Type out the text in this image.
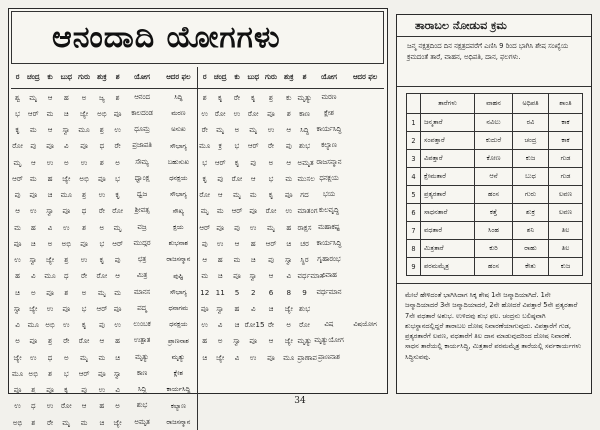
ಆನಂದಾದಿ ಯೋಗಗಳು
ರ	ಚಂದ್ರ	ಕು	ಬುಧ	ಗುರು	ಶುಕ್ರ	ಶ	ಯೋಗ	ಆದರ ಫಲ	ರ	ಚಂದ್ರ	ಕು	ಬುಧ	ಗುರು	ಶುಕ್ರ	ಶ	ಯೋಗ	ಆದರ ಫಲ
ಶ್ವ	ಮೃ	ಆ	ಹ	ಅ	ಜ್ಯ	ಶ	ಆನಂದ	ಸಿದ್ಧಿ	ಶ	ಕೃ	ರೇ	ಕೃ	ಶ್ರ	ಕು	ಮೃತ್ಯು	ಮರಣ	
ಭ	ಆರ್	ಮ	ಚಿ	ಜ್ಯೇ	ಅಭಿ	ಪೂ	ಕಾಲದಂಡ	ಮರಣ	ಉ	ರೋ	ಉ	ರೋ	ಪೂ	ಶ	ಕಾಣ	ಕ್ಲೇಶ	
ಕೃ	ಮ	ಆ	ಸ್ವಾ	ಮೂ	ಶ್ರ	ಉ	ಧೂಮ್ರ	ಅಸುಖ	ರೇ	ಮೃ	ಅ	ಮೃ	ಉ	ಆ	ಸಿದ್ಧಿ	ಕಾರ್ಯಸಿದ್ಧಿ	
ರೋ	ಪು	ಪೂ	ವಿ	ಪೂ	ಧ	ರೇ	ಪ್ರಜಾಪತಿ	ಸೌಭಾಗ್ಯ	ಮೂ	ಕ್ರ	ಭ	ಆರ್	ರೇ	ಪು	ಶುಭ	ಕಲ್ಯಾಣ	
ಮೃ	ಆ	ಉ	ಅ	ಉ	ಶ	ಅ	ಸೌಮ್ಯ	ಬಹುಸುಖ	ಭ	ಆರ್	ಕೃ	ಪು	ಅ	ಆ	ಅಮೃತ	ರಾಜಸನ್ಮಾನ	
ಆರ್	ಮ	ಹ	ಜ್ಯೇ	ಅಭಿ	ಪೂ	ಭ	ಧ್ವಾಂಕ್ಷ	ಧನಕ್ಷಯ	ಕೃ	ಪು	ರೋ	ಆ	ಭ	ಮ	ಮುಸಲ	ಧನಕ್ಷಯ	
ಪು	ಪೂ	ಚಿ	ಮೂ	ಶ್ರ	ಉ	ಕೃ	ಧ್ವಜ	ಸೌಭಾಗ್ಯ	ರೋ	ಆ	ಮೃ	ಮ	ಕೃ	ಪೂ	ಗದ	ಭಯ	
ಆ	ಉ	ಸ್ವಾ	ಪೂ	ಧ	ರೇ	ರೋ	ಶ್ರೀವತ್ಸ	ಸೌಖ್ಯ	ಮೃ	ಮ	ಆರ್	ಪೂ	ರೋ	ಉ	ಮಾತಂಗ	ಕುಲವೃದ್ಧಿ	
ಮ	ಹ	ವಿ	ಉ	ಶ	ಅ	ಮೃ	ವಜ್ರ	ಕ್ಷಯ	ಆರ್	ಪೂ	ಪು	ಉ	ಮೃ	ಹ	ರಾಕ್ಷಸ	ಮಹಾಕಷ್ಟ	
ಪೂ	ಚಿ	ಅ	ಅಭಿ	ಪೂ	ಭ	ಆರ್	ಮುದ್ಗರ	ಶುಭನಾಶ	ಪು	ಉ	ಆ	ಹ	ಆರ್	ಚಿ	ಚರ	ಕಾರ್ಯಸಿದ್ಧಿ	
ಉ	ಸ್ವಾ	ಜ್ಯೇ	ಶ್ರ	ಉ	ಕೃ	ಪು	ಛತ್ರ	ರಾಜಸನ್ಮಾನ	ಆ	ಹ	ಮ	ಚಿ	ಪು	ಸ್ವಾ	ಸ್ಥಿರ	ಗೃಹಾರಂಭ	
ಹ	ವಿ	ಮೂ	ಧ	ರೇ	ರೋ	ಆ	ಮಿತ್ರ	ಪುಷ್ಟಿ	ಮ	ಚಿ	ಪೂ	ಸ್ವಾ	ಆ	ವಿ	ವರ್ಧಮಾನ	ವಿವಾಹ	
ಚಿ	ಅ	ಪೂ	ಶ	ಅ	ಮೃ	ಮ	ಮಾನಸ	ಸೌಭಾಗ್ಯ	12	11	5	2	6	8	9	ವರ್ಧಮಾನ	
ಸ್ವಾ	ಜ್ಯೇ	ಉ	ಪೂ	ಭ	ಆರ್	ಪೂ	ಪದ್ಮ	ಧನಾಗಮ	ಪೂ	ಸ್ವಾ	ಹ	ವಿ	ಚಿ	ಜ್ಯೇ	ಶುಭ		
ವಿ	ಮೂ	ಅಭಿ	ಉ	ಕೃ	ಪು	ಉ	ಲುಂಬಕ	ಧನಕ್ಷಯ	ಉ	ವಿ	ಚಿ	ರೋ15	ರೇ	ಅ	ರೋ	ವಿಷ	ವಿಷಯೋಗ
ಅ	ಪೂ	ಶ್ರ	ರೇ	ರೋ	ಆ	ಹ	ಉತ್ಪಾತ	ಪ್ರಾಣನಾಶ	ಹ	ಅ	ಸ್ವಾ	ಪೂ	ಆ	ಜ್ಯೇ	ಮೃತ್ಯು	ಮೃತ್ಯುಯೋಗ	
ಜ್ಯೇ	ಉ	ಧ	ಅ	ಮೃ	ಮ	ಚಿ	ಮೃತ್ಯು	ಮೃತ್ಯು	ಚಿ	ಜ್ಯೇ	ವಿ	ಉ	ಪೂ	ಮೂ	ಪ್ರಾಣಾಪ	ಪ್ರಾಣನಾಶ	
ಮೂ	ಅಭಿ	ಶ	ಭ	ಆರ್	ಪೂ	ಸ್ವಾ	ಕಾಣ	ಕ್ಲೇಶ									
ಪೂ	ಶ್ರ	ಪೂ	ಕೃ	ಪು	ಉ	ವಿ	ಸಿದ್ಧಿ	ಕಾರ್ಯಸಿದ್ಧಿ									
ಉ	ಧ	ಉ	ರೋ	ಆ	ಹ	ಅ	ಶುಭ	ಕಲ್ಯಾಣ									
ಅಭಿ	ಶ	ರೇ	ಮೃ	ಮ	ಚಿ	ಜ್ಯೇ	ಅಮೃತ	ರಾಜಸನ್ಮಾನ									
ತಾರಾಬಲ ನೋಡುವ ಕ್ರಮ
ಜನ್ಮ ನಕ್ಷತ್ರದಿಂದ ದಿನ ನಕ್ಷತ್ರದವರೆಗೆ ಎಣಿಸಿ 9 ರಿಂದ ಭಾಗಿಸಿ ಶೇಷ ಸಂಖ್ಯೆಯ ಕ್ರಮದಂತೆ ತಾರೆ, ವಾಹನ, ಅಧಿಪತಿ, ದಾನ, ಫಲಗಳು.
	ತಾರೆಗಳು	ವಾಹನ	ಅಧಿಪತಿ	ಶಾಂತಿ
1	ಜನ್ಮತಾರೆ	ನವಿಲು	ರವಿ	ಕಾಕ
2	ಸಂಪತ್ತಾರೆ	ಕುದುರೆ	ಚಂದ್ರ	ಕಾಕ
3	ವಿಪತ್ತಾರೆ	ಕೋಣ	ಕುಜ	ಗುಡ
4	ಕ್ಷೇಮತಾರೆ	ಆನೆ	ಬುಧ	ಗುಡ
5	ಪ್ರತ್ಯರತಾರೆ	ಹಂಸ	ಗುರು	ಲವಣ
6	ಸಾಧನತಾರೆ	ಕತ್ತೆ	ಶುಕ್ರ	ಲವಣ
7	ವಧತಾರೆ	ಸಿಂಹ	ಶನಿ	ತಿಲ
8	ಮಿತ್ರತಾರೆ	ಕುರಿ	ರಾಹು	ತಿಲ
9	ಪರಮಮೈತ್ರ	ಹಂಸ	ಕೇತು	ಕುಜ
ಮೇಲೆ ಹೇಳಿದಂತೆ ಭಾಗಿಸಿದಾಗ ಸಿಕ್ಕ ಶೇಷ 1ನೇ ಜನ್ಮಾದಿಯಾಗಿದೆ. 1ನೇ ಜನ್ಮಾದಿಯಾದರೆ 3ನೇ ಜನ್ಮಾದಿಯಾದರೆ, 2ನೇ ಹೋದರೆ ವಿಪತ್ತಾರೆ 5ನೇ ಪ್ರತ್ಯರತಾರೆ 7ನೇ ವಧತಾರೆ ಅಶುಭ. ಉಳಿದವು ಶುಭ ಫಲ. ಚಂದ್ರನು ಬಲಿಷ್ಠವಾಗಿ ಶುಭಸ್ಥಾನದಲ್ಲಿದ್ದರೆ ತಾರಾಬಲ ದೋಷ ನಿವಾರಣೆಯಾಗುವುದು. ವಿಪತ್ತಾರೆಗೆ ಗುಡ, ಪ್ರತ್ಯರತಾರೆಗೆ ಲವಣ, ವಧತಾರೆಗೆ ತಿಲ ದಾನ ಮಾಡುವುದರಿಂದ ದೋಷ ನಿವಾರಣೆ. ಸಾಧನ ತಾರೆಯಲ್ಲಿ ಕಾರ್ಯಸಿದ್ಧಿ, ಮಿತ್ರತಾರೆ ಪರಮಮೈತ್ರ ತಾರೆಯಲ್ಲಿ ಸರ್ವಕಾರ್ಯಗಳು ಸಿದ್ಧಿಸುವವು.
34
